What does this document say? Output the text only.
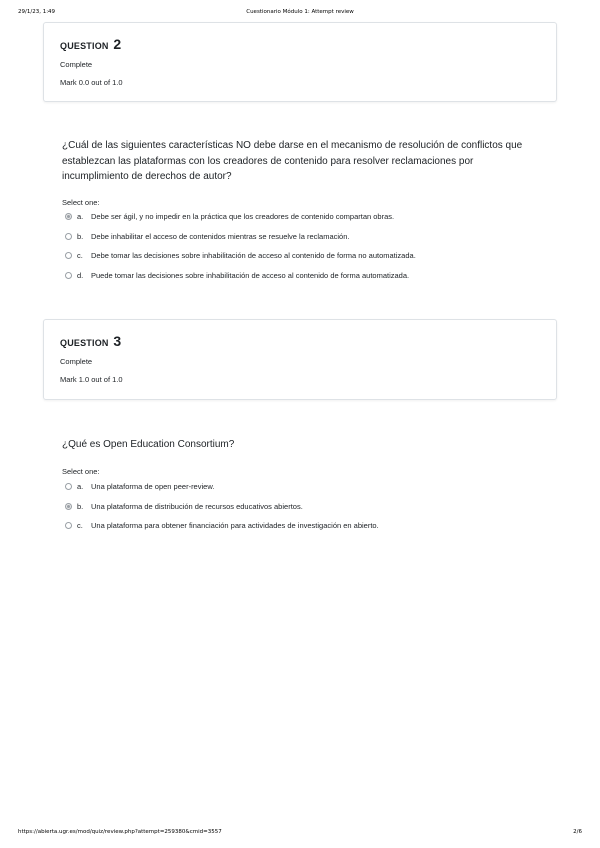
29/1/23, 1:49	Cuestionario Módulo 1: Attempt review
QUESTION 2
Complete
Mark 0.0 out of 1.0
¿Cuál de las siguientes características NO debe darse en el mecanismo de resolución de conflictos que establezcan las plataformas con los creadores de contenido para resolver reclamaciones por incumplimiento de derechos de autor?
Select one:
a. Debe ser ágil, y no impedir en la práctica que los creadores de contenido compartan obras.
b. Debe inhabilitar el acceso de contenidos mientras se resuelve la reclamación.
c. Debe tomar las decisiones sobre inhabilitación de acceso al contenido de forma no automatizada.
d. Puede tomar las decisiones sobre inhabilitación de acceso al contenido de forma automatizada.
QUESTION 3
Complete
Mark 1.0 out of 1.0
¿Qué es Open Education Consortium?
Select one:
a. Una plataforma de open peer-review.
b. Una plataforma de distribución de recursos educativos abiertos.
c. Una plataforma para obtener financiación para actividades de investigación en abierto.
https://abierta.ugr.es/mod/quiz/review.php?attempt=259380&cmid=3557	2/6
